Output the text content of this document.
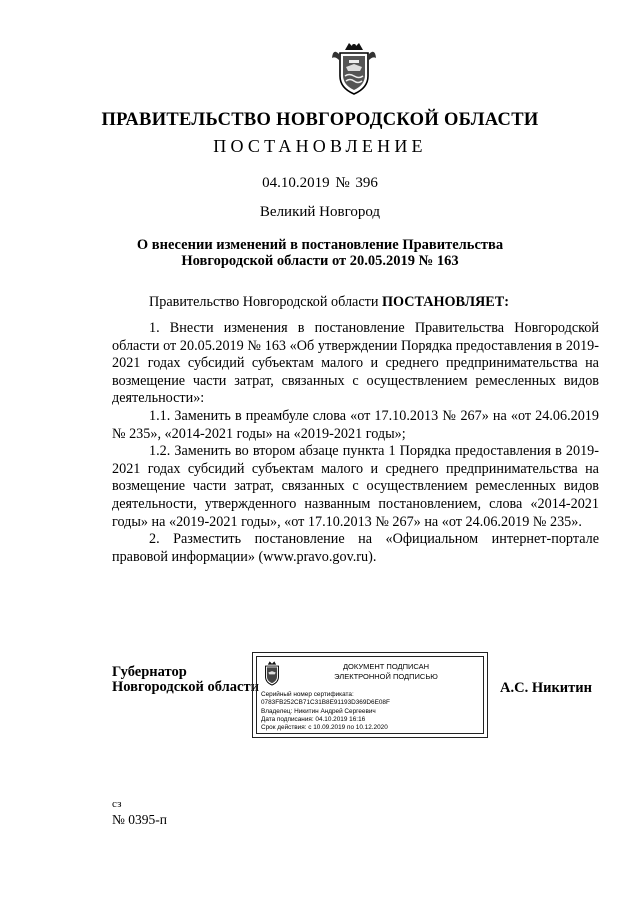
ПРАВИТЕЛЬСТВО НОВГОРОДСКОЙ ОБЛАСТИ
ПОСТАНОВЛЕНИЕ
04.10.2019 № 396
Великий Новгород
О внесении изменений в постановление Правительства
Новгородской области от 20.05.2019 № 163
Правительство Новгородской области ПОСТАНОВЛЯЕТ:

1. Внести изменения в постановление Правительства Новгородской области от 20.05.2019 № 163 «Об утверждении Порядка предоставления в 2019-2021 годах субсидий субъектам малого и среднего предпринимательства на возмещение части затрат, связанных с осуществлением ремесленных видов деятельности»:

1.1. Заменить в преамбуле слова «от 17.10.2013 № 267» на «от 24.06.2019 № 235», «2014-2021 годы» на «2019-2021 годы»;

1.2. Заменить во втором абзаце пункта 1 Порядка предоставления в 2019-2021 годах субсидий субъектам малого и среднего предпринимательства на возмещение части затрат, связанных с осуществлением ремесленных видов деятельности, утвержденного названным постановлением, слова «2014-2021 годы» на «2019-2021 годы», «от 17.10.2013 № 267» на «от 24.06.2019 № 235».

2. Разместить постановление на «Официальном интернет-портале правовой информации» (www.pravo.gov.ru).

Губернатор
Новгородской области
ДОКУМЕНТ ПОДПИСАН
ЭЛЕКТРОННОЙ ПОДПИСЬЮ
Серийный номер сертификата:
0783FB252CB71C31B8E91193D369D6E08F
Владелец: Никитин Андрей Сергеевич
Дата подписания: 04.10.2019 16:16
Срок действия: с 10.09.2019 по 10.12.2020
А.С. Никитин
сз
№ 0395-п
